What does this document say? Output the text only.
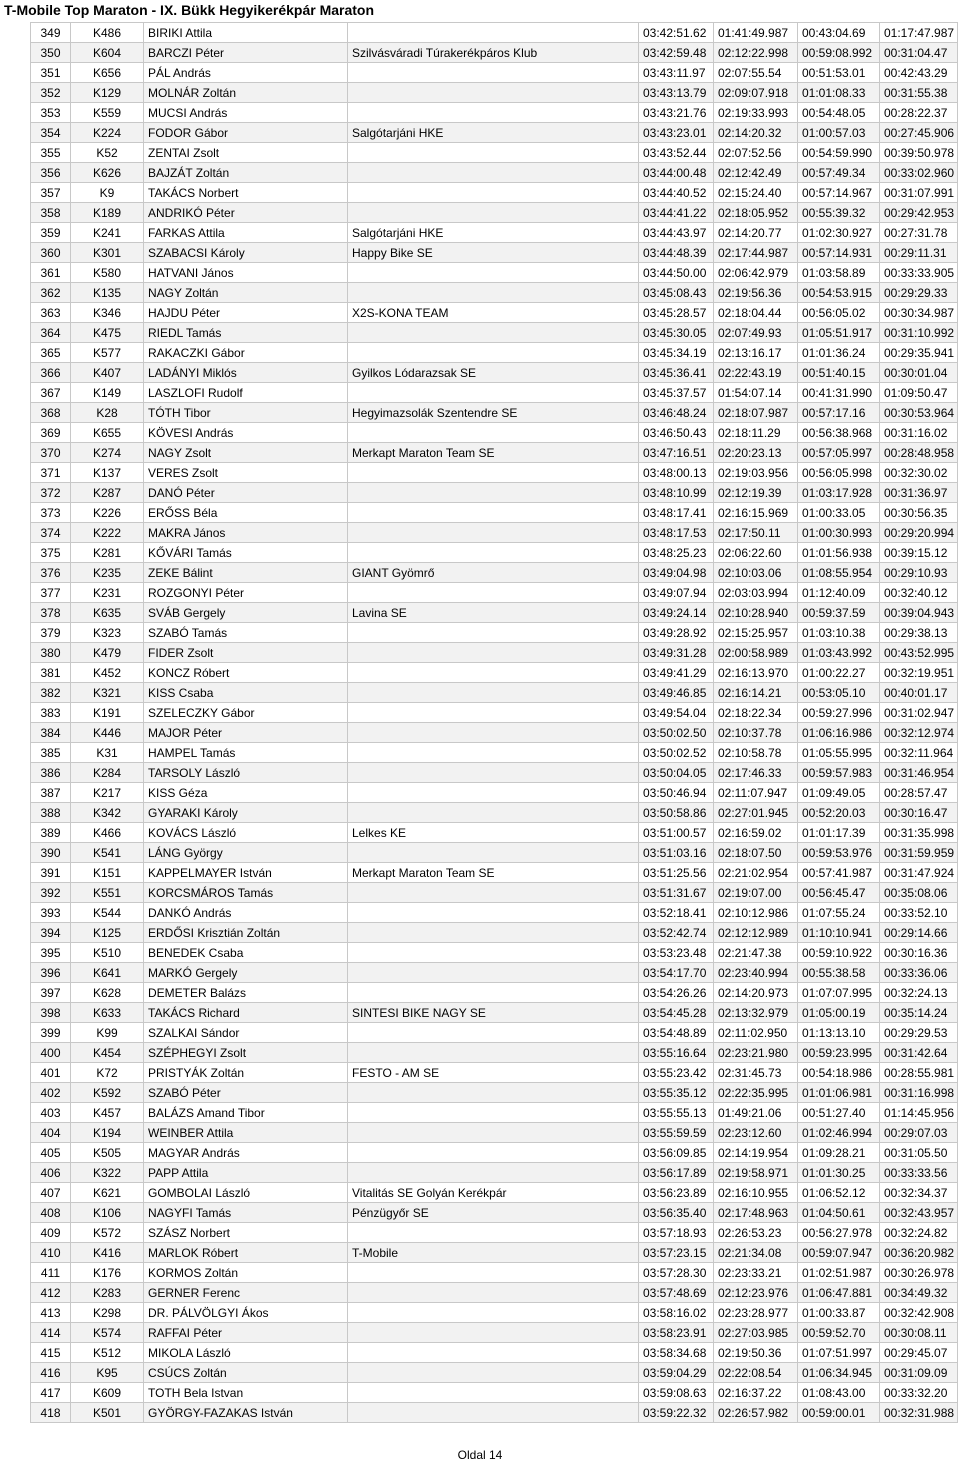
T-Mobile Top Maraton - IX. Bükk Hegyikerékpár Maraton
349	K486	BIRIKI Attila		03:42:51.62	01:41:49.987	00:43:04.69	01:17:47.987
350	K604	BARCZI Péter	Szilvásváradi Túrakerékpáros Klub	03:42:59.48	02:12:22.998	00:59:08.992	00:31:04.47
351	K656	PÁL András		03:43:11.97	02:07:55.54	00:51:53.01	00:42:43.29
352	K129	MOLNÁR Zoltán		03:43:13.79	02:09:07.918	01:01:08.33	00:31:55.38
353	K559	MUCSI András		03:43:21.76	02:19:33.993	00:54:48.05	00:28:22.37
354	K224	FODOR Gábor	Salgótarjáni HKE	03:43:23.01	02:14:20.32	01:00:57.03	00:27:45.906
355	K52	ZENTAI Zsolt		03:43:52.44	02:07:52.56	00:54:59.990	00:39:50.978
356	K626	BAJZÁT Zoltán		03:44:00.48	02:12:42.49	00:57:49.34	00:33:02.960
357	K9	TAKÁCS Norbert		03:44:40.52	02:15:24.40	00:57:14.967	00:31:07.991
358	K189	ANDRIKÓ Péter		03:44:41.22	02:18:05.952	00:55:39.32	00:29:42.953
359	K241	FARKAS Attila	Salgótarjáni HKE	03:44:43.97	02:14:20.77	01:02:30.927	00:27:31.78
360	K301	SZABACSI Károly	Happy Bike SE	03:44:48.39	02:17:44.987	00:57:14.931	00:29:11.31
361	K580	HATVANI János		03:44:50.00	02:06:42.979	01:03:58.89	00:33:33.905
362	K135	NAGY Zoltán		03:45:08.43	02:19:56.36	00:54:53.915	00:29:29.33
363	K346	HAJDU Péter	X2S-KONA TEAM	03:45:28.57	02:18:04.44	00:56:05.02	00:30:34.987
364	K475	RIEDL Tamás		03:45:30.05	02:07:49.93	01:05:51.917	00:31:10.992
365	K577	RAKACZKI Gábor		03:45:34.19	02:13:16.17	01:01:36.24	00:29:35.941
366	K407	LADÁNYI Miklós	Gyilkos Lódarazsak SE	03:45:36.41	02:22:43.19	00:51:40.15	00:30:01.04
367	K149	LASZLOFI Rudolf		03:45:37.57	01:54:07.14	00:41:31.990	01:09:50.47
368	K28	TÓTH Tibor	Hegyimazsolák Szentendre SE	03:46:48.24	02:18:07.987	00:57:17.16	00:30:53.964
369	K655	KÖVESI András		03:46:50.43	02:18:11.29	00:56:38.968	00:31:16.02
370	K274	NAGY Zsolt	Merkapt Maraton Team SE	03:47:16.51	02:20:23.13	00:57:05.997	00:28:48.958
371	K137	VERES Zsolt		03:48:00.13	02:19:03.956	00:56:05.998	00:32:30.02
372	K287	DANÓ Péter		03:48:10.99	02:12:19.39	01:03:17.928	00:31:36.97
373	K226	ERŐSS Béla		03:48:17.41	02:16:15.969	01:00:33.05	00:30:56.35
374	K222	MAKRA János		03:48:17.53	02:17:50.11	01:00:30.993	00:29:20.994
375	K281	KŐVÁRI Tamás		03:48:25.23	02:06:22.60	01:01:56.938	00:39:15.12
376	K235	ZEKE Bálint	GIANT Gyömrő	03:49:04.98	02:10:03.06	01:08:55.954	00:29:10.93
377	K231	ROZGONYI Péter		03:49:07.94	02:03:03.994	01:12:40.09	00:32:40.12
378	K635	SVÁB Gergely	Lavina SE	03:49:24.14	02:10:28.940	00:59:37.59	00:39:04.943
379	K323	SZABÓ Tamás		03:49:28.92	02:15:25.957	01:03:10.38	00:29:38.13
380	K479	FIDER Zsolt		03:49:31.28	02:00:58.989	01:03:43.992	00:43:52.995
381	K452	KONCZ Róbert		03:49:41.29	02:16:13.970	01:00:22.27	00:32:19.951
382	K321	KISS Csaba		03:49:46.85	02:16:14.21	00:53:05.10	00:40:01.17
383	K191	SZELECZKY Gábor		03:49:54.04	02:18:22.34	00:59:27.996	00:31:02.947
384	K446	MAJOR Péter		03:50:02.50	02:10:37.78	01:06:16.986	00:32:12.974
385	K31	HAMPEL Tamás		03:50:02.52	02:10:58.78	01:05:55.995	00:32:11.964
386	K284	TARSOLY László		03:50:04.05	02:17:46.33	00:59:57.983	00:31:46.954
387	K217	KISS Géza		03:50:46.94	02:11:07.947	01:09:49.05	00:28:57.47
388	K342	GYARAKI Károly		03:50:58.86	02:27:01.945	00:52:20.03	00:30:16.47
389	K466	KOVÁCS László	Lelkes KE	03:51:00.57	02:16:59.02	01:01:17.39	00:31:35.998
390	K541	LÁNG György		03:51:03.16	02:18:07.50	00:59:53.976	00:31:59.959
391	K151	KAPPELMAYER István	Merkapt Maraton Team SE	03:51:25.56	02:21:02.954	00:57:41.987	00:31:47.924
392	K551	KORCSMÁROS Tamás		03:51:31.67	02:19:07.00	00:56:45.47	00:35:08.06
393	K544	DANKÓ András		03:52:18.41	02:10:12.986	01:07:55.24	00:33:52.10
394	K125	ERDŐSI Krisztián Zoltán		03:52:42.74	02:12:12.989	01:10:10.941	00:29:14.66
395	K510	BENEDEK Csaba		03:53:23.48	02:21:47.38	00:59:10.922	00:30:16.36
396	K641	MARKÓ Gergely		03:54:17.70	02:23:40.994	00:55:38.58	00:33:36.06
397	K628	DEMETER Balázs		03:54:26.26	02:14:20.973	01:07:07.995	00:32:24.13
398	K633	TAKÁCS Richard	SINTESI BIKE NAGY SE	03:54:45.28	02:13:32.979	01:05:00.19	00:35:14.24
399	K99	SZALKAI Sándor		03:54:48.89	02:11:02.950	01:13:13.10	00:29:29.53
400	K454	SZÉPHEGYI Zsolt		03:55:16.64	02:23:21.980	00:59:23.995	00:31:42.64
401	K72	PRISTYÁK Zoltán	FESTO - AM SE	03:55:23.42	02:31:45.73	00:54:18.986	00:28:55.981
402	K592	SZABÓ Péter		03:55:35.12	02:22:35.995	01:01:06.981	00:31:16.998
403	K457	BALÁZS Amand Tibor		03:55:55.13	01:49:21.06	00:51:27.40	01:14:45.956
404	K194	WEINBER Attila		03:55:59.59	02:23:12.60	01:02:46.994	00:29:07.03
405	K505	MAGYAR András		03:56:09.85	02:14:19.954	01:09:28.21	00:31:05.50
406	K322	PAPP Attila		03:56:17.89	02:19:58.971	01:01:30.25	00:33:33.56
407	K621	GOMBOLAI László	Vitalitás SE Golyán Kerékpár	03:56:23.89	02:16:10.955	01:06:52.12	00:32:34.37
408	K106	NAGYFI Tamás	Pénzügyőr SE	03:56:35.40	02:17:48.963	01:04:50.61	00:32:43.957
409	K572	SZÁSZ Norbert		03:57:18.93	02:26:53.23	00:56:27.978	00:32:24.82
410	K416	MARLOK Róbert	T-Mobile	03:57:23.15	02:21:34.08	00:59:07.947	00:36:20.982
411	K176	KORMOS Zoltán		03:57:28.30	02:23:33.21	01:02:51.987	00:30:26.978
412	K283	GERNER Ferenc		03:57:48.69	02:12:23.976	01:06:47.881	00:34:49.32
413	K298	DR. PÁLVÖLGYI Ákos		03:58:16.02	02:23:28.977	01:00:33.87	00:32:42.908
414	K574	RAFFAI Péter		03:58:23.91	02:27:03.985	00:59:52.70	00:30:08.11
415	K512	MIKOLA László		03:58:34.68	02:19:50.36	01:07:51.997	00:29:45.07
416	K95	CSÚCS Zoltán		03:59:04.29	02:22:08.54	01:06:34.945	00:31:09.09
417	K609	TOTH Bela Istvan		03:59:08.63	02:16:37.22	01:08:43.00	00:33:32.20
418	K501	GYÖRGY-FAZAKAS István		03:59:22.32	02:26:57.982	00:59:00.01	00:32:31.988
Oldal 14
